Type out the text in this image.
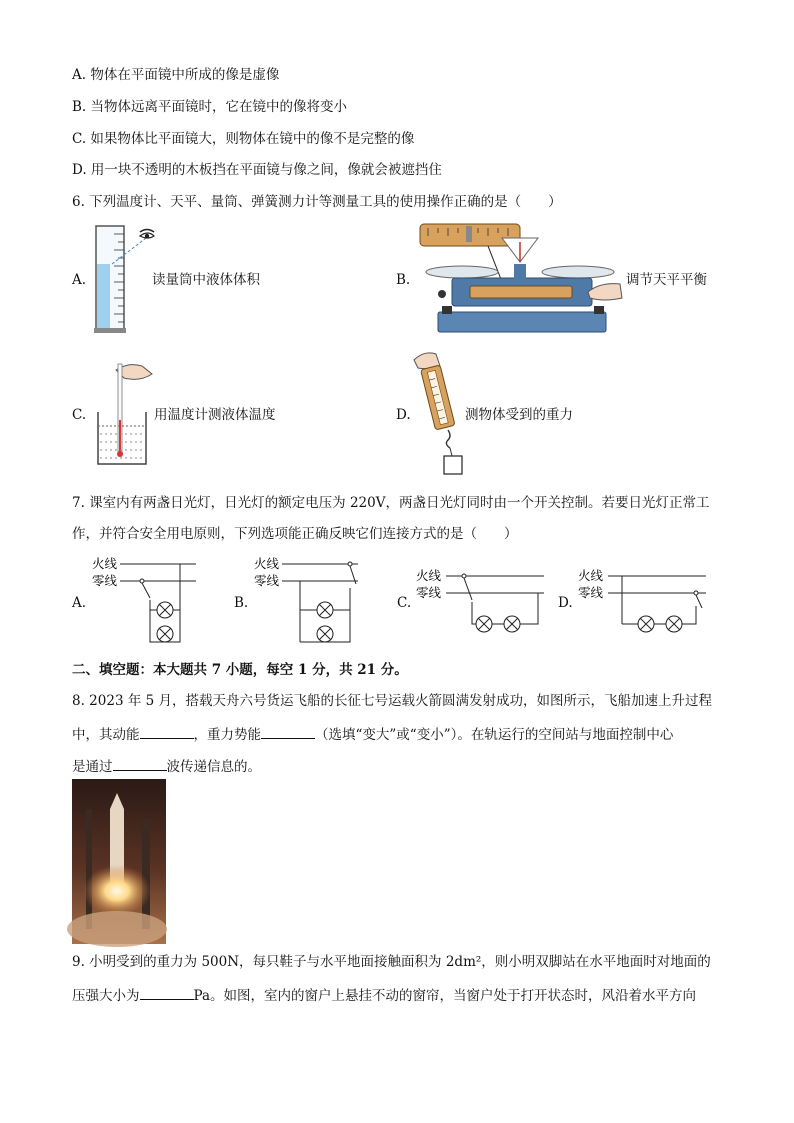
A. 物体在平面镜中所成的像是虚像
B. 当物体远离平面镜时，它在镜中的像将变小
C. 如果物体比平面镜大，则物体在镜中的像不是完整的像
D. 用一块不透明的木板挡在平面镜与像之间，像就会被遮挡住
6. 下列温度计、天平、量筒、弹簧测力计等测量工具的使用操作正确的是（　　）
A.	读量筒中液体体积	B.	调节天平平衡
C.	用温度计测液体温度	D.	测物体受到的重力
7. 课室内有两盏日光灯，日光灯的额定电压为 220V，两盏日光灯同时由一个开关控制。若要日光灯正常工
作，并符合安全用电原则，下列选项能正确反映它们连接方式的是（　　）
A.	B.	C.	D.
火线
零线
火线
零线	火线
零线
火线
零线
二、填空题：本大题共 7 小题，每空 1 分，共 21 分。
8. 2023 年 5 月，搭载天舟六号货运飞船的长征七号运载火箭圆满发射成功，如图所示，飞船加速上升过程
中，其动能	，重力势能	（选填“变大”或“变小”）。在轨运行的空间站与地面控制中心
是通过	波传递信息的。
9. 小明受到的重力为 500N，每只鞋子与水平地面接触面积为 2dm²，则小明双脚站在水平地面时对地面的
压强大小为	Pa。如图，室内的窗户上悬挂不动的窗帘，当窗户处于打开状态时，风沿着水平方向
